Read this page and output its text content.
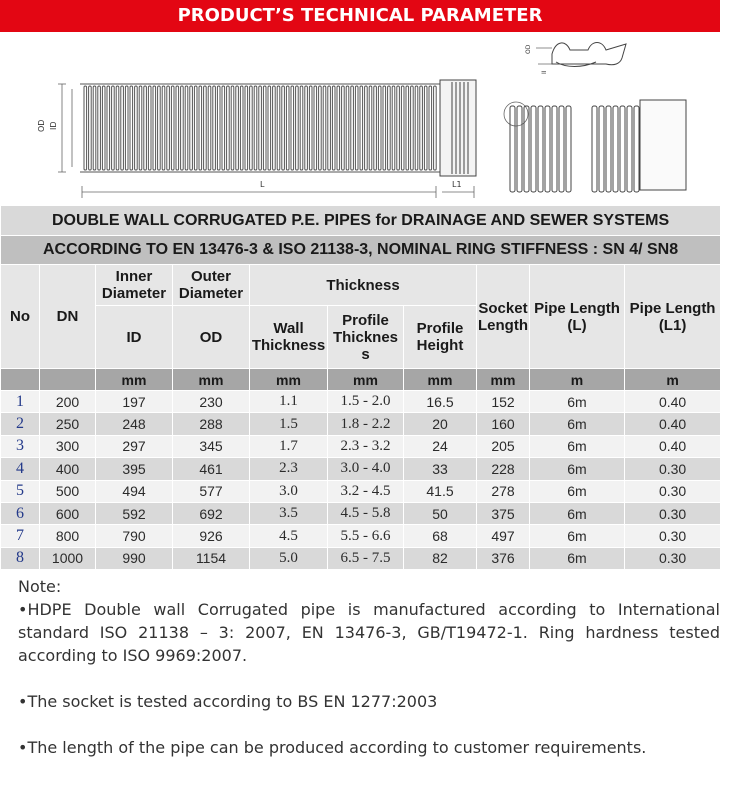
PRODUCT’S TECHNICAL PARAMETER
OD ID
L	L1
OD
II
DOUBLE WALL CORRUGATED P.E. PIPES for DRAINAGE AND SEWER SYSTEMS									
ACCORDING TO EN 13476-3 & ISO 21138-3, NOMINAL RING STIFFNESS : SN 4/ SN8									
No	DN	Inner Diameter	Outer Diameter	Thickness			Socket Length	Pipe Length (L)	Pipe Length (L1)
		ID	OD	Wall Thickness	Profile Thicknes s	Profile Height			
		mm	mm	mm	mm	mm	mm	m	m
1	200	197	230	1.1	1.5 - 2.0	16.5	152	6m	0.40
2	250	248	288	1.5	1.8 - 2.2	20	160	6m	0.40
3	300	297	345	1.7	2.3 - 3.2	24	205	6m	0.40
4	400	395	461	2.3	3.0 - 4.0	33	228	6m	0.30
5	500	494	577	3.0	3.2 - 4.5	41.5	278	6m	0.30
6	600	592	692	3.5	4.5 - 5.8	50	375	6m	0.30
7	800	790	926	4.5	5.5 - 6.6	68	497	6m	0.30
8	1000	990	1154	5.0	6.5 - 7.5	82	376	6m	0.30

Note:

•HDPE Double wall Corrugated pipe is manufactured according to International standard ISO 21138 – 3: 2007, EN 13476-3, GB/T19472-1. Ring hardness tested according to ISO 9969:2007.

•The socket is tested according to BS EN 1277:2003

•The length of the pipe can be produced according to customer requirements.
